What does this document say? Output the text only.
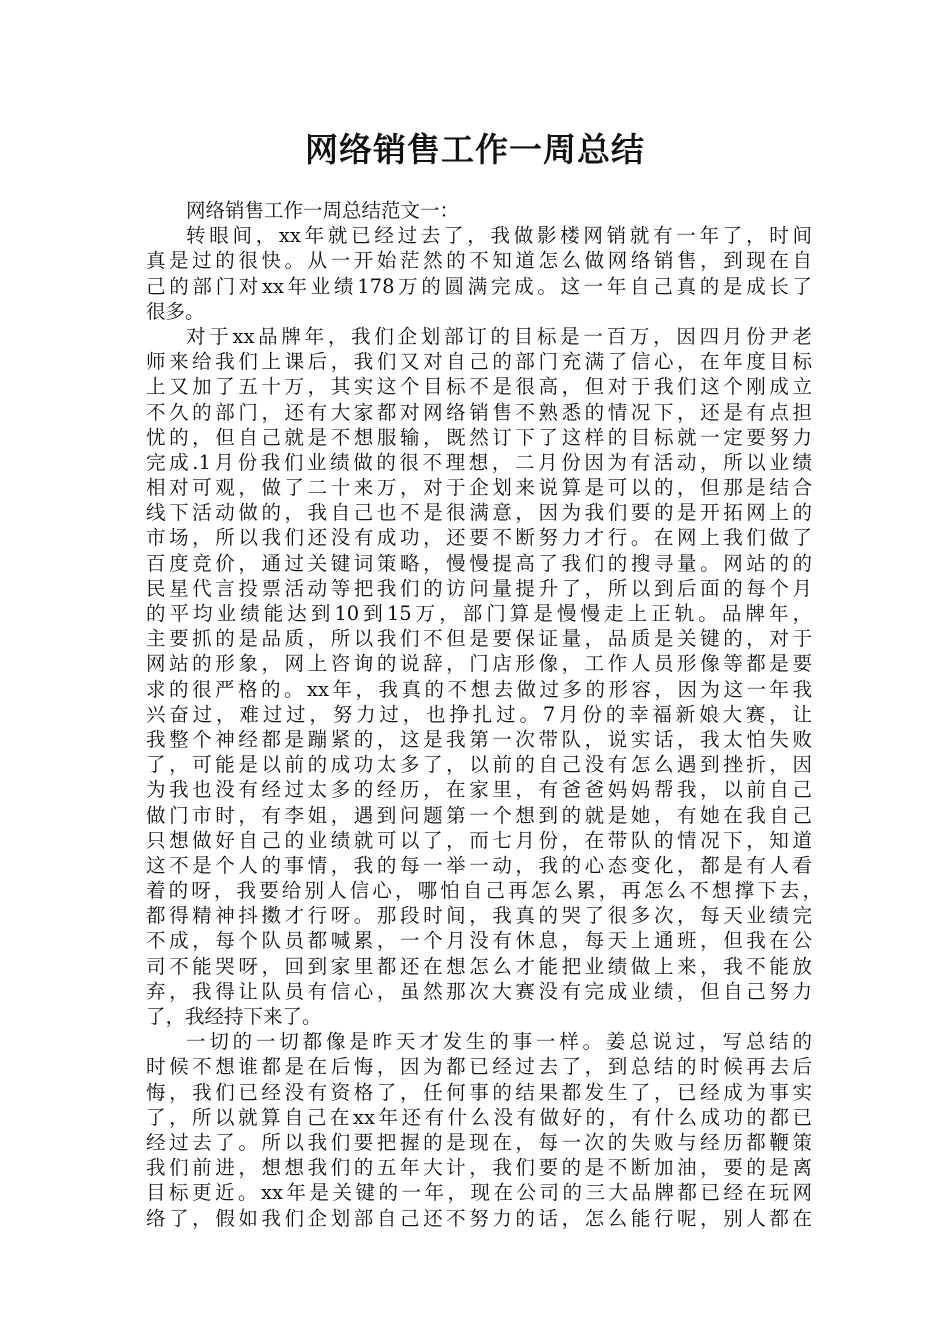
网络销售工作一周总结
网络销售工作一周总结范文一：
转眼间，xx年就已经过去了，我做影楼网销就有一年了，时间
真是过的很快。从一开始茫然的不知道怎么做网络销售，到现在自
己的部门对xx年业绩178万的圆满完成。这一年自己真的是成长了
很多。
对于xx品牌年，我们企划部订的目标是一百万，因四月份尹老
师来给我们上课后，我们又对自己的部门充满了信心，在年度目标
上又加了五十万，其实这个目标不是很高，但对于我们这个刚成立
不久的部门，还有大家都对网络销售不熟悉的情况下，还是有点担
忧的，但自己就是不想服输，既然订下了这样的目标就一定要努力
完成.1月份我们业绩做的很不理想，二月份因为有活动，所以业绩
相对可观，做了二十来万，对于企划来说算是可以的，但那是结合
线下活动做的，我自己也不是很满意，因为我们要的是开拓网上的
市场，所以我们还没有成功，还要不断努力才行。在网上我们做了
百度竞价，通过关键词策略，慢慢提高了我们的搜寻量。网站的的
民星代言投票活动等把我们的访问量提升了，所以到后面的每个月
的平均业绩能达到10到15万，部门算是慢慢走上正轨。品牌年，
主要抓的是品质，所以我们不但是要保证量，品质是关键的，对于
网站的形象，网上咨询的说辞，门店形像，工作人员形像等都是要
求的很严格的。xx年，我真的不想去做过多的形容，因为这一年我
兴奋过，难过过，努力过，也挣扎过。7月份的幸福新娘大赛，让
我整个神经都是蹦紧的，这是我第一次带队，说实话，我太怕失败
了，可能是以前的成功太多了，以前的自己没有怎么遇到挫折，因
为我也没有经过太多的经历，在家里，有爸爸妈妈帮我，以前自己
做门市时，有李姐，遇到问题第一个想到的就是她，有她在我自己
只想做好自己的业绩就可以了，而七月份，在带队的情况下，知道
这不是个人的事情，我的每一举一动，我的心态变化，都是有人看
着的呀，我要给别人信心，哪怕自己再怎么累，再怎么不想撑下去，
都得精神抖擞才行呀。那段时间，我真的哭了很多次，每天业绩完
不成，每个队员都喊累，一个月没有休息，每天上通班，但我在公
司不能哭呀，回到家里都还在想怎么才能把业绩做上来，我不能放
弃，我得让队员有信心，虽然那次大赛没有完成业绩，但自己努力
了，我经持下来了。
一切的一切都像是昨天才发生的事一样。姜总说过，写总结的
时候不想谁都是在后悔，因为都已经过去了，到总结的时候再去后
悔，我们已经没有资格了，任何事的结果都发生了，已经成为事实
了，所以就算自己在xx年还有什么没有做好的，有什么成功的都已
经过去了。所以我们要把握的是现在，每一次的失败与经历都鞭策
我们前进，想想我们的五年大计，我们要的是不断加油，要的是离
目标更近。xx年是关键的一年，现在公司的三大品牌都已经在玩网
络了，假如我们企划部自己还不努力的话，怎么能行呢，别人都在
